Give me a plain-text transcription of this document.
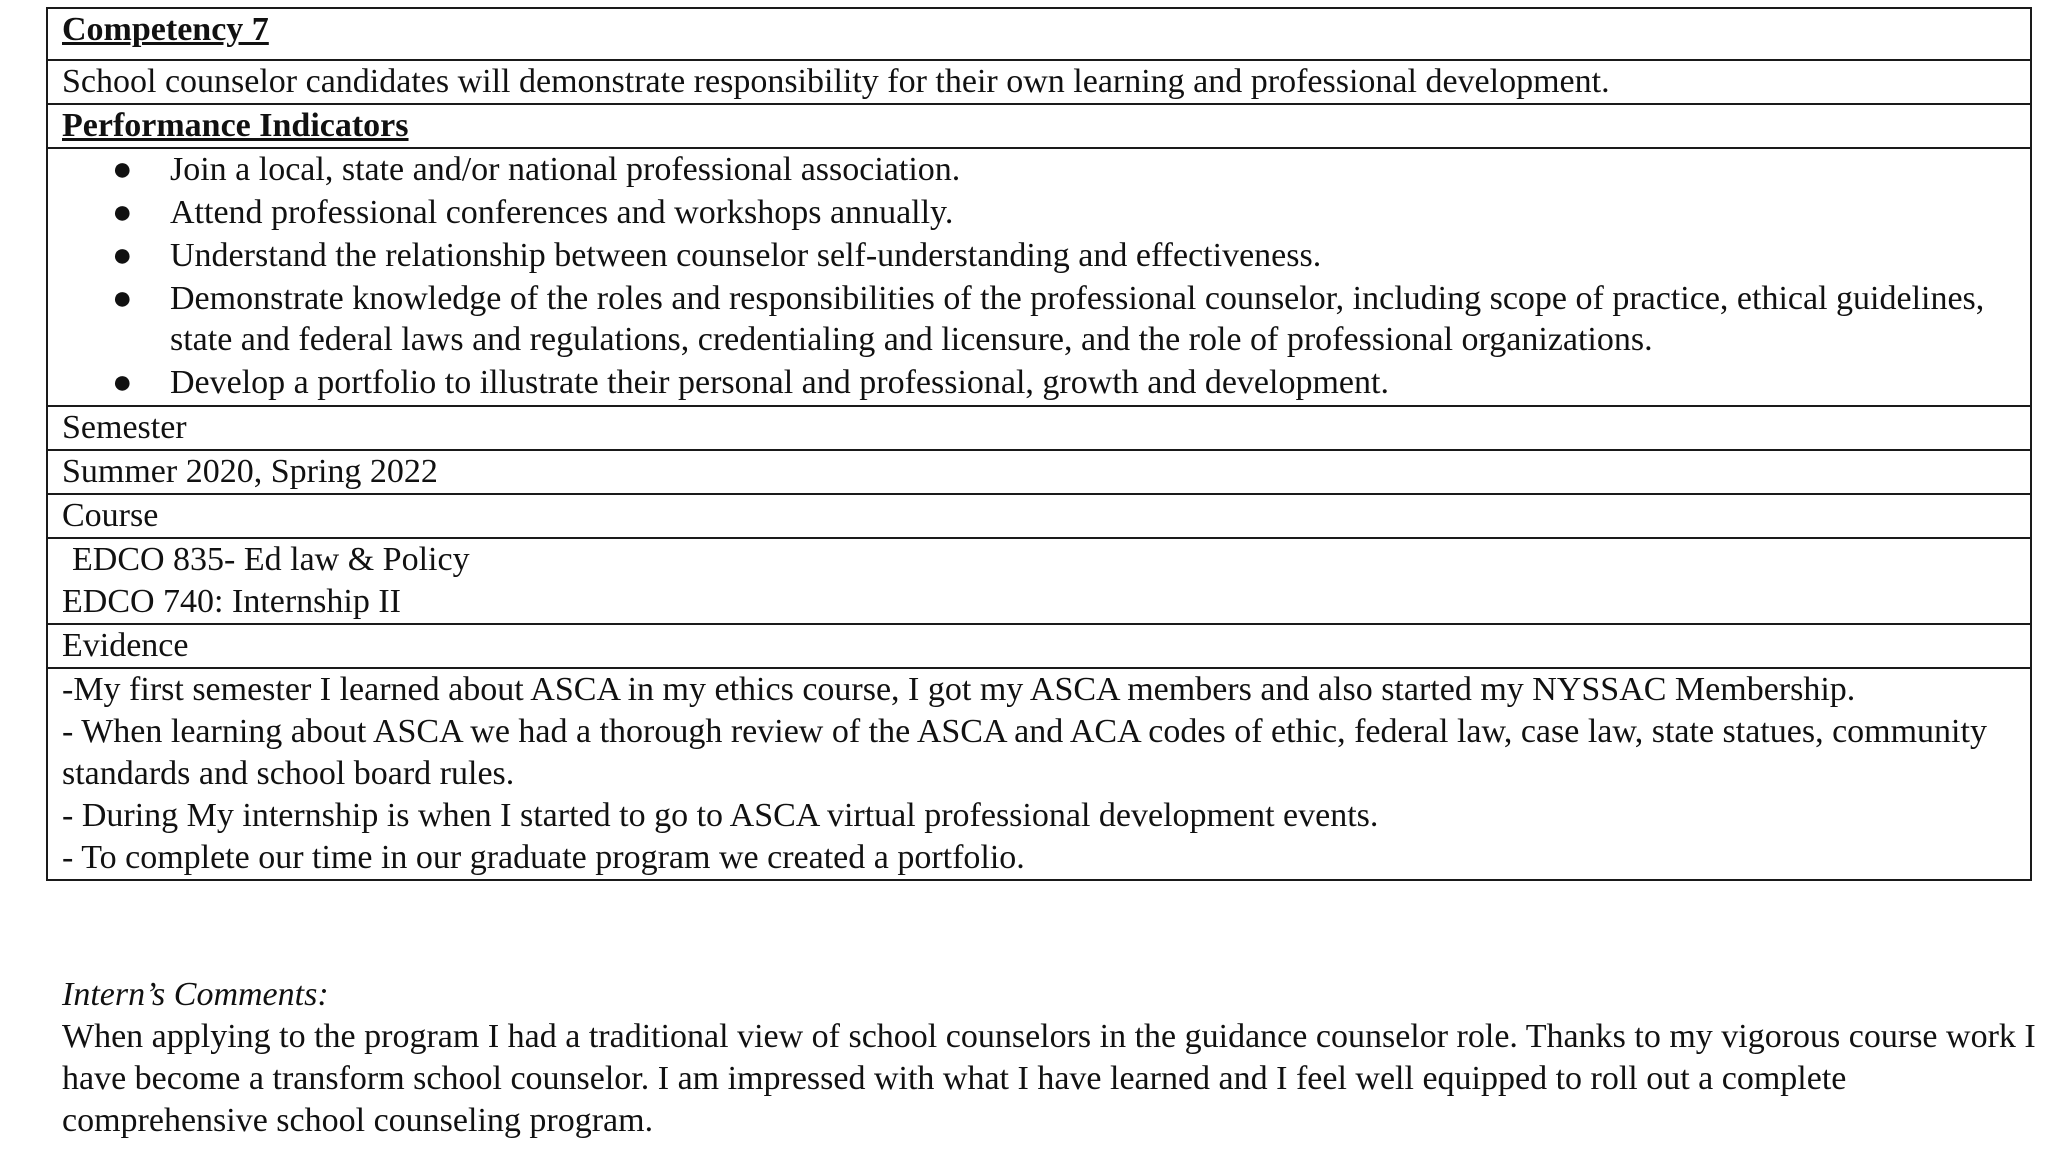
Competency 7
School counselor candidates will demonstrate responsibility for their own learning and professional development.
Performance Indicators

● Join a local, state and/or national professional association.
● Attend professional conferences and workshops annually.
● Understand the relationship between counselor self-understanding and effectiveness.
● Demonstrate knowledge of the roles and responsibilities of the professional counselor, including scope of practice, ethical guidelines, state and federal laws and regulations, credentialing and licensure, and the role of professional organizations.
● Develop a portfolio to illustrate their personal and professional, growth and development.

Semester
Summer 2020, Spring 2022
Course

EDCO 835- Ed law & Policy
EDCO 740: Internship II

Evidence

-My first semester I learned about ASCA in my ethics course, I got my ASCA members and also started my NYSSAC Membership.
- When learning about ASCA we had a thorough review of the ASCA and ACA codes of ethic, federal law, case law, state statues, community standards and school board rules.
- During My internship is when I started to go to ASCA virtual professional development events.
- To complete our time in our graduate program we created a portfolio.
Intern’s Comments:
When applying to the program I had a traditional view of school counselors in the guidance counselor role. Thanks to my vigorous course work I have become a transform school counselor. I am impressed with what I have learned and I feel well equipped to roll out a complete comprehensive school counseling program.
